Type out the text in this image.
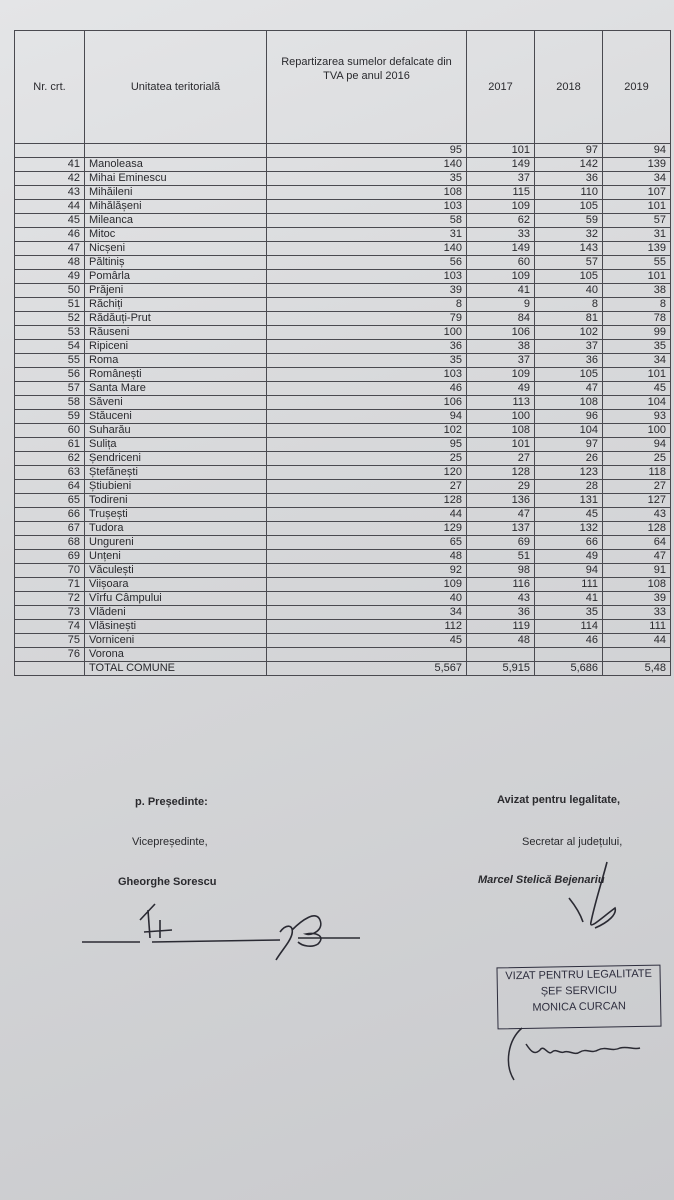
Nr. crt.	Unitatea teritorială	Repartizarea sumelor defalcate din TVA pe anul 2016	2017	2018	2019
		95	101	97	94
41	Manoleasa	140	149	142	139
42	Mihai Eminescu	35	37	36	34
43	Mihăileni	108	115	110	107
44	Mihălășeni	103	109	105	101
45	Mileanca	58	62	59	57
46	Mitoc	31	33	32	31
47	Nicșeni	140	149	143	139
48	Păltiniș	56	60	57	55
49	Pomârla	103	109	105	101
50	Prăjeni	39	41	40	38
51	Răchiți	8	9	8	8
52	Rădăuți-Prut	79	84	81	78
53	Răuseni	100	106	102	99
54	Ripiceni	36	38	37	35
55	Roma	35	37	36	34
56	Românești	103	109	105	101
57	Santa Mare	46	49	47	45
58	Săveni	106	113	108	104
59	Stăuceni	94	100	96	93
60	Suharău	102	108	104	100
61	Sulița	95	101	97	94
62	Șendriceni	25	27	26	25
63	Ștefănești	120	128	123	118
64	Știubieni	27	29	28	27
65	Todireni	128	136	131	127
66	Trușești	44	47	45	43
67	Tudora	129	137	132	128
68	Ungureni	65	69	66	64
69	Unțeni	48	51	49	47
70	Văculești	92	98	94	91
71	Viișoara	109	116	111	108
72	Vîrfu Câmpului	40	43	41	39
73	Vlădeni	34	36	35	33
74	Vlăsinești	112	119	114	111
75	Vorniceni	45	48	46	44
76	Vorona				
	TOTAL COMUNE	5,567	5,915	5,686	5,48
p. Președinte:
Vicepreședinte,
Gheorghe Sorescu
Avizat pentru legalitate,
Secretar al județului,
Marcel Stelică Bejenariu
VIZAT PENTRU LEGALITATE
ȘEF SERVICIU
MONICA CURCAN
